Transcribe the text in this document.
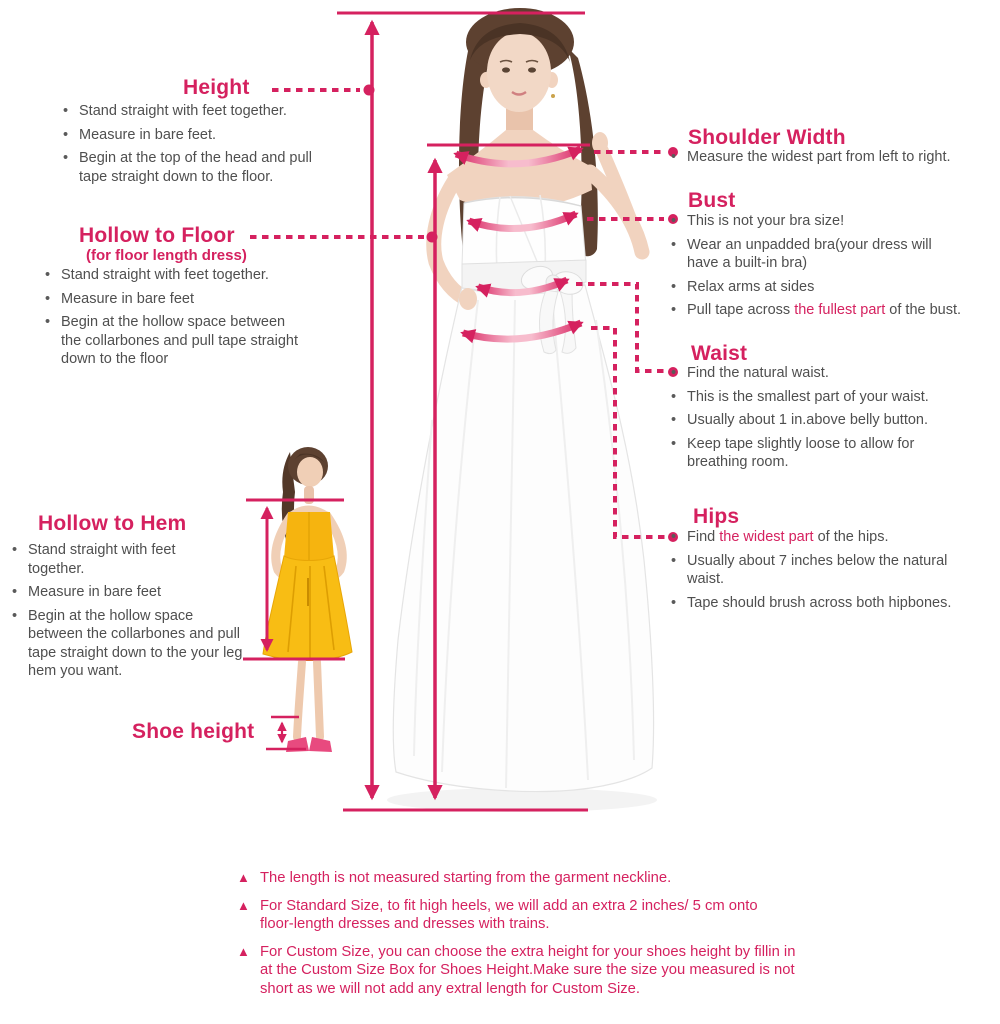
Height
• Stand straight with feet together.
• Measure in bare feet.
• Begin at the top of the head and pull tape straight down to the floor.
Hollow to Floor
(for floor length dress)
• Stand straight with feet together.
• Measure in bare feet
• Begin at the hollow space between the collarbones and pull tape straight down to the floor
Hollow to Hem
• Stand straight with feet together.
• Measure in bare feet
• Begin at the hollow space between the collarbones and pull tape straight down to the your leg hem you want.
Shoe height
Shoulder Width
• Measure the widest part from left to right.
Bust
• This is not your bra size!
• Wear an unpadded bra(your dress will have a built-in bra)
• Relax arms at sides
• Pull tape across the fullest part of the bust.
Waist
• Find the natural waist.
• This is the smallest part of your waist.
• Usually about 1 in.above belly button.
• Keep tape slightly loose to allow for breathing room.
Hips
• Find the widest part of the hips.
• Usually about 7 inches below the natural waist.
• Tape should brush across both hipbones.
▲ The length is not measured starting from the garment neckline.
▲ For Standard Size, to fit high heels, we will add an extra 2 inches/ 5 cm onto floor-length dresses and dresses with trains.
▲ For Custom Size, you can choose the extra height for your shoes height by fillin in at the Custom Size Box for Shoes Height.Make sure the size you measured is not short as we will not add any extral length for Custom Size.
